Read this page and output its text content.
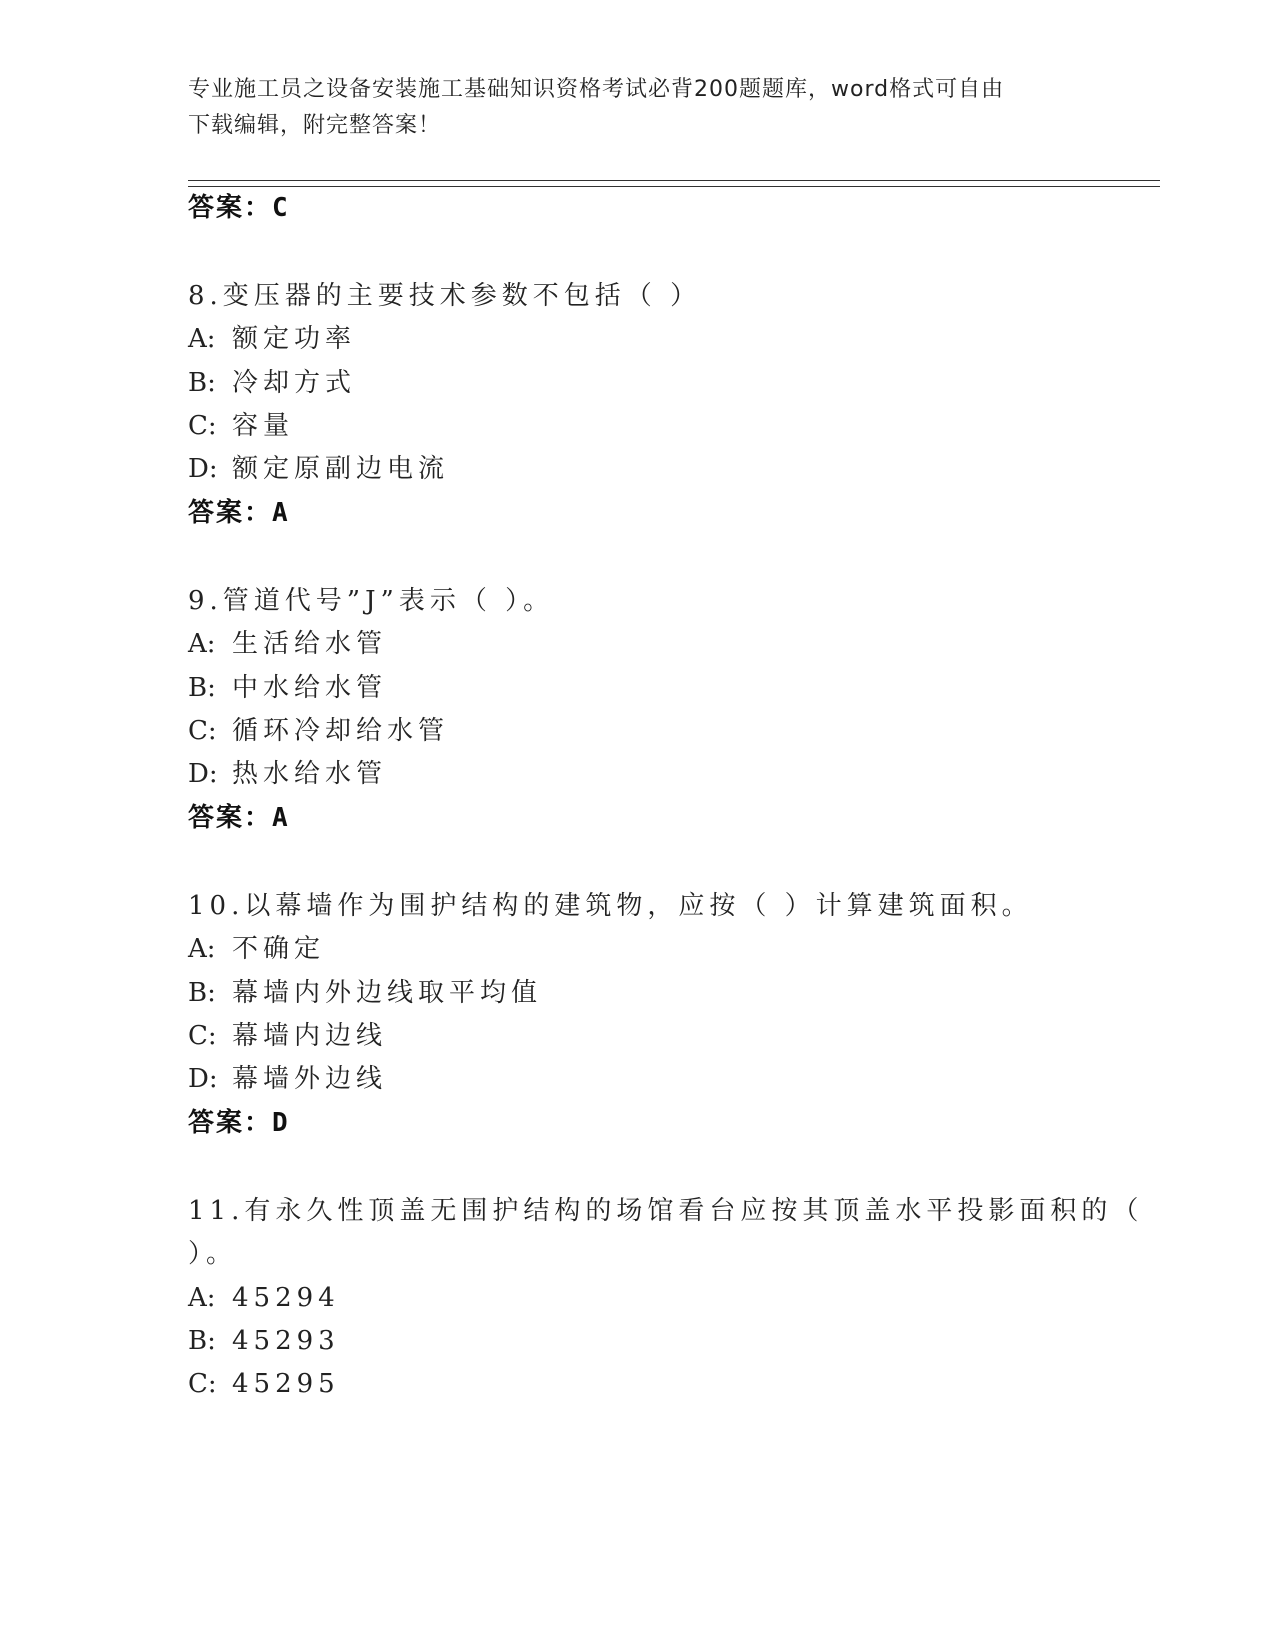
专业施工员之设备安装施工基础知识资格考试必背200题题库，word格式可自由
下载编辑，附完整答案！
答案：C
8.变压器的主要技术参数不包括（ ）
A: 额定功率
B: 冷却方式
C: 容量
D: 额定原副边电流
答案：A
9.管道代号”J”表示（ ）。
A: 生活给水管
B: 中水给水管
C: 循环冷却给水管
D: 热水给水管
答案：A
10.以幕墙作为围护结构的建筑物，应按（ ）计算建筑面积。
A: 不确定
B: 幕墙内外边线取平均值
C: 幕墙内边线
D: 幕墙外边线
答案：D
11.有永久性顶盖无围护结构的场馆看台应按其顶盖水平投影面积的（
）。
A: 45294
B: 45293
C: 45295
